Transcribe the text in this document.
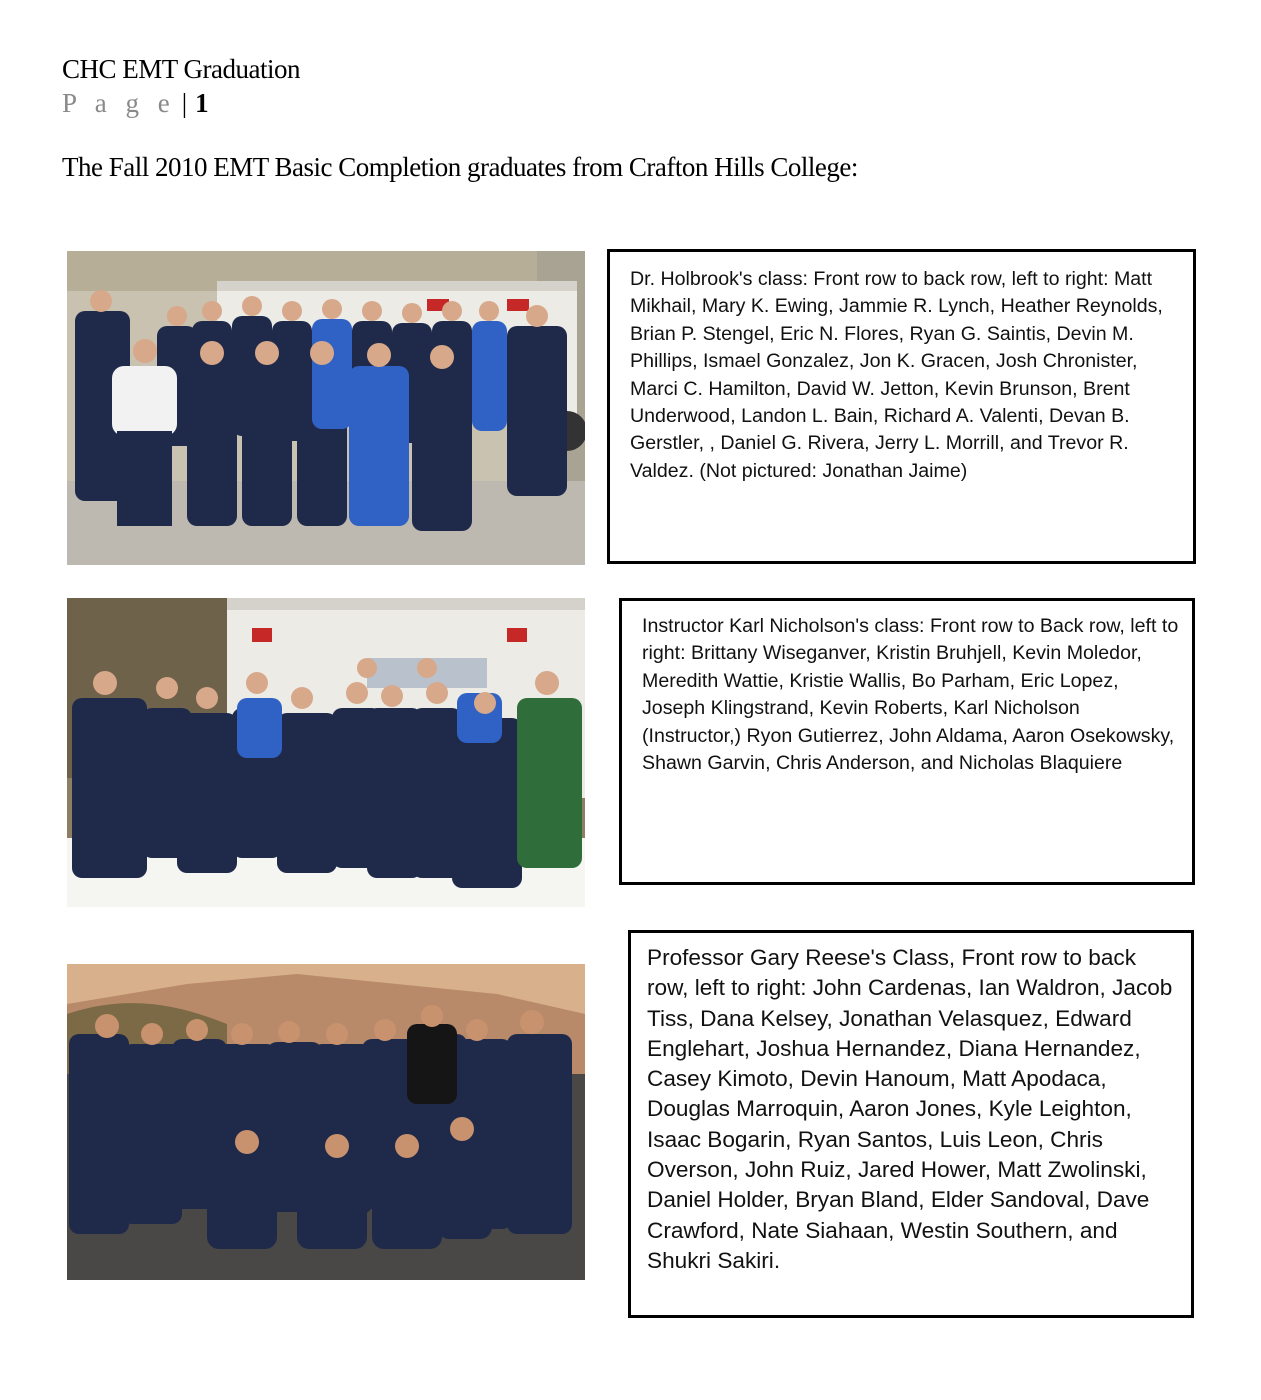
CHC EMT Graduation
P a g e | 1
The Fall 2010 EMT Basic Completion graduates from Crafton Hills College:
Dr. Holbrook's class: Front row to back row, left to right: Matt Mikhail, Mary K. Ewing, Jammie R. Lynch, Heather Reynolds, Brian P. Stengel, Eric N. Flores, Ryan G. Saintis, Devin M. Phillips, Ismael Gonzalez, Jon K. Gracen, Josh Chronister, Marci C. Hamilton, David W. Jetton, Kevin Brunson, Brent Underwood, Landon L. Bain, Richard A. Valenti, Devan B. Gerstler, , Daniel G. Rivera, Jerry L. Morrill, and Trevor R. Valdez. (Not pictured: Jonathan Jaime)
Instructor Karl Nicholson's class: Front row to Back row, left to right: Brittany Wiseganver, Kristin Bruhjell, Kevin Moledor, Meredith Wattie, Kristie Wallis, Bo Parham, Eric Lopez, Joseph Klingstrand, Kevin Roberts, Karl Nicholson (Instructor,) Ryon Gutierrez, John Aldama, Aaron Osekowsky, Shawn Garvin, Chris Anderson, and Nicholas Blaquiere
Professor Gary Reese's Class, Front row to back row, left to right: John Cardenas, Ian Waldron, Jacob Tiss, Dana Kelsey, Jonathan Velasquez, Edward Englehart, Joshua Hernandez, Diana Hernandez, Casey Kimoto, Devin Hanoum, Matt Apodaca, Douglas Marroquin, Aaron Jones, Kyle Leighton, Isaac Bogarin, Ryan Santos, Luis Leon, Chris Overson, John Ruiz, Jared Hower, Matt Zwolinski, Daniel Holder, Bryan Bland, Elder Sandoval, Dave Crawford, Nate Siahaan, Westin Southern, and Shukri Sakiri.
